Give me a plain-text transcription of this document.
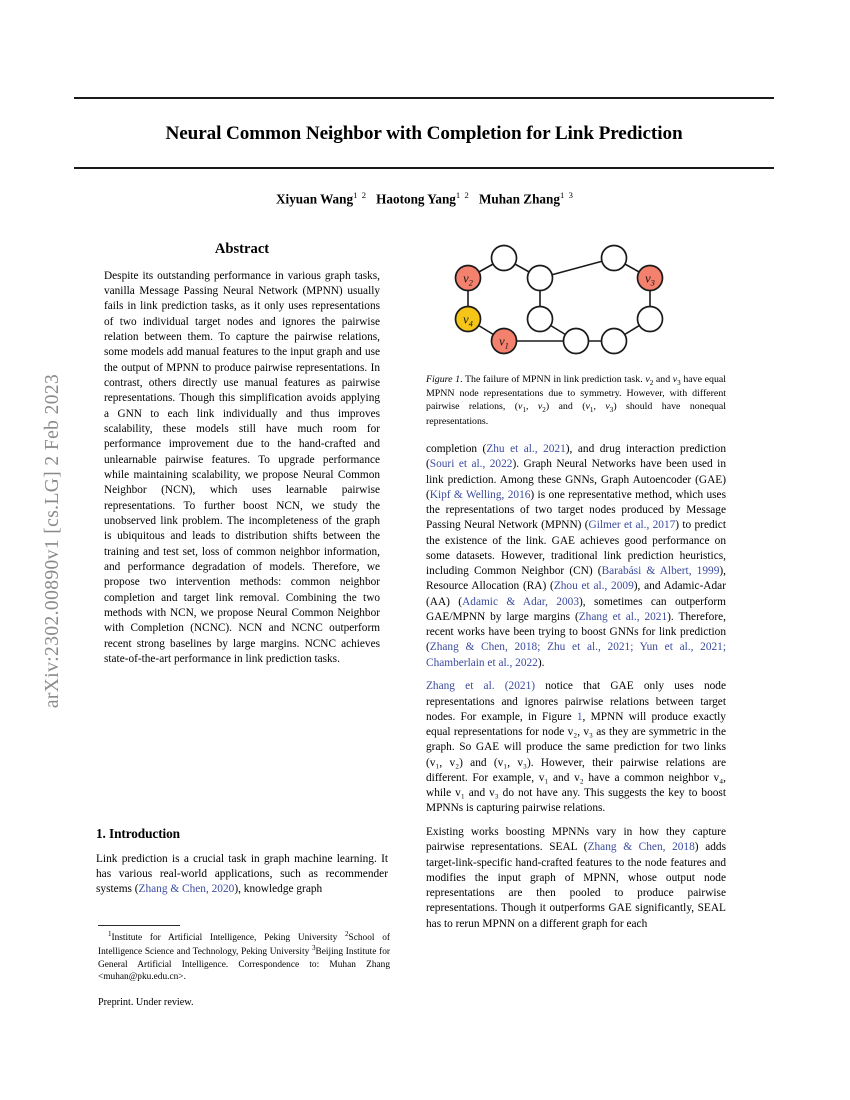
arXiv:2302.00890v1 [cs.LG] 2 Feb 2023
Neural Common Neighbor with Completion for Link Prediction
Xiyuan Wang$^{1 2}$ Haotong Yang$^{1 2}$ Muhan Zhang$^{1 3}$
Abstract
Despite its outstanding performance in various graph tasks, vanilla Message Passing Neural Network (MPNN) usually fails in link prediction tasks, as it only uses representations of two individual target nodes and ignores the pairwise relation between them. To capture the pairwise relations, some models add manual features to the input graph and use the output of MPNN to produce pairwise representations. In contrast, others directly use manual features as pairwise representations. Though this simplification avoids applying a GNN to each link individually and thus improves scalability, these models still have much room for performance improvement due to the hand-crafted and unlearnable pairwise features. To upgrade performance while maintaining scalability, we propose Neural Common Neighbor (NCN), which uses learnable pairwise representations. To further boost NCN, we study the unobserved link problem. The incompleteness of the graph is ubiquitous and leads to distribution shifts between the training and test set, loss of common neighbor information, and performance degradation of models. Therefore, we propose two intervention methods: common neighbor completion and target link removal. Combining the two methods with NCN, we propose Neural Common Neighbor with Completion (NCNC). NCN and NCNC outperform recent strong baselines by large margins. NCNC achieves state-of-the-art performance in link prediction tasks.
1. Introduction

Link prediction is a crucial task in graph machine learning. It has various real-world applications, such as recommender systems (Zhang & Chen, 2020), knowledge graph

$^1$Institute for Artificial Intelligence, Peking University $^2$School of Intelligence Science and Technology, Peking University $^3$Beijing Institute for General Artificial Intelligence. Correspondence to: Muhan Zhang <muhan@pku.edu.cn>.
Preprint. Under review.
$v_2$
$v_4$
$v_1$
$v_3$
Figure 1. The failure of MPNN in link prediction task. $v_2$ and $v_3$ have equal MPNN node representations due to symmetry. However, with different pairwise relations, ($v_1$, $v_2$) and ($v_1$, $v_3$) should have nonequal representations.

completion (Zhu et al., 2021), and drug interaction prediction (Souri et al., 2022). Graph Neural Networks have been used in link prediction. Among these GNNs, Graph Autoencoder (GAE) (Kipf & Welling, 2016) is one representative method, which uses the representations of two target nodes produced by Message Passing Neural Network (MPNN) (Gilmer et al., 2017) to predict the existence of the link. GAE achieves good performance on some datasets. However, traditional link prediction heuristics, including Common Neighbor (CN) (Barabási & Albert, 1999), Resource Allocation (RA) (Zhou et al., 2009), and Adamic-Adar (AA) (Adamic & Adar, 2003), sometimes can outperform GAE/MPNN by large margins (Zhang et al., 2021). Therefore, recent works have been trying to boost GNNs for link prediction (Zhang & Chen, 2018; Zhu et al., 2021; Yun et al., 2021; Chamberlain et al., 2022).

Zhang et al. (2021) notice that GAE only uses node representations and ignores pairwise relations between target nodes. For example, in Figure 1, MPNN will produce exactly equal representations for node v₂, v₃ as they are symmetric in the graph. So GAE will produce the same prediction for two links (v₁, v₂) and (v₁, v₃). However, their pairwise relations are different. For example, v₁ and v₂ have a common neighbor v₄, while v₁ and v₃ do not have any. This suggests the key to boost MPNNs is capturing pairwise relations.

Existing works boosting MPNNs vary in how they capture pairwise representations. SEAL (Zhang & Chen, 2018) adds target-link-specific hand-crafted features to the node features and modifies the input graph of MPNN, whose output node representations are then pooled to produce pairwise representations. Though it outperforms GAE significantly, SEAL has to rerun MPNN on a different graph for each
